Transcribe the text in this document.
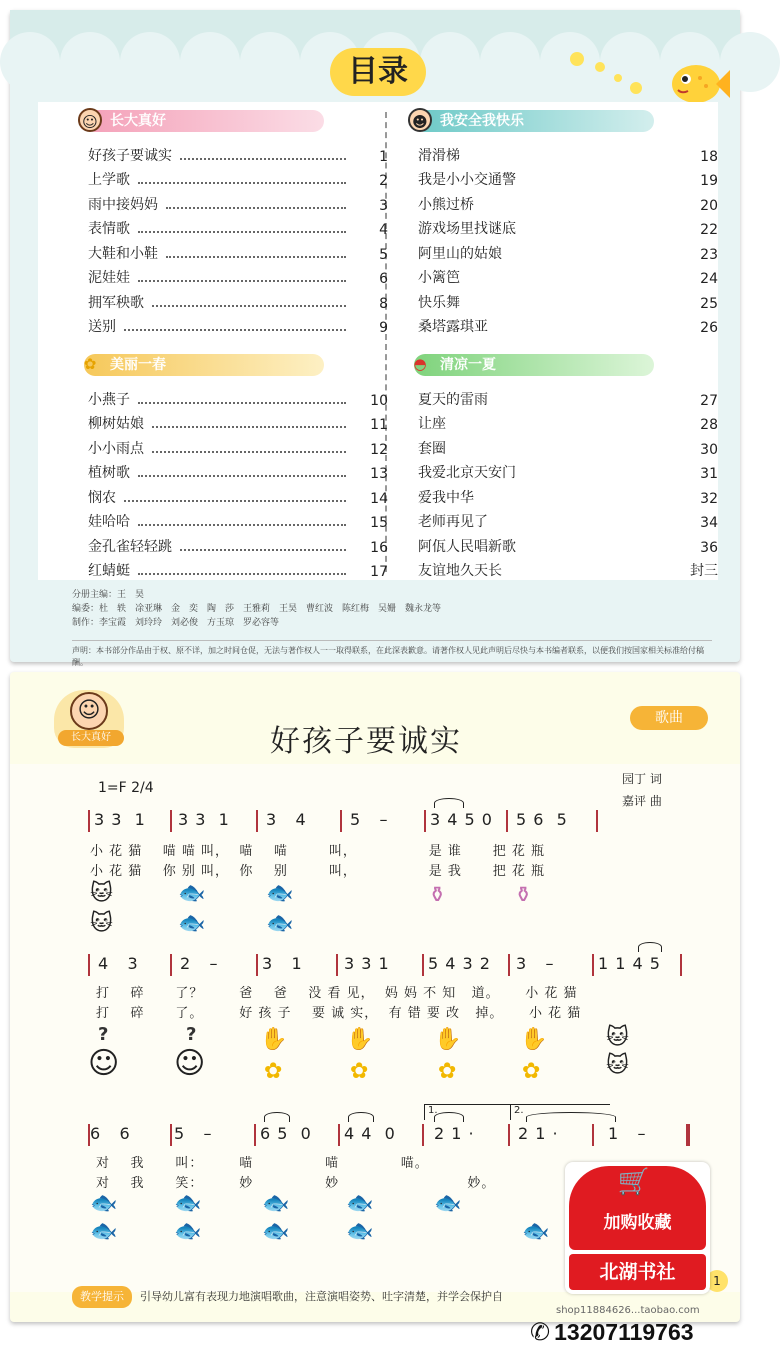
目录
长大真好
☺
好孩子要诚实	1
上学歌	2
雨中接妈妈	3
表情歌	4
大鞋和小鞋	5
泥娃娃	6
拥军秧歌	8
送别	9
美丽一春
✿
小燕子	10
柳树姑娘	11
小小雨点	12
植树歌	13
悯农	14
娃哈哈	15
金孔雀轻轻跳	16
红蜻蜓	17
我安全我快乐
☻
滑滑梯	18
我是小小交通警	19
小熊过桥	20
游戏场里找谜底	22
阿里山的姑娘	23
小篱笆	24
快乐舞	25
桑塔露琪亚	26
清凉一夏
◓
夏天的雷雨	27
让座	28
套圈	30
我爱北京天安门	31
爱我中华	32
老师再见了	34
阿佤人民唱新歌	36
友谊地久天长	封三
分册主编：王　昊
编委：杜　轶　凃亚琳　金　奕　陶　莎　王雅莉　王昊　曹红波　陈红梅　吴姗　魏永龙等
制作：李宝霞　刘玲玲　刘必俊　方玉琼　罗必容等
声明：本书部分作品由于权、原不详，加之时间仓促，无法与著作权人一一取得联系，在此深表歉意。请著作权人见此声明后尽快与本书编者联系，以便我们按国家相关标准给付稿酬。
☺
长大真好	好孩子要诚实
歌曲
1=F 2/4
园丁 词
嘉评 曲
3 3  1 3 3  1 3   4	5   –	3 4 5 0 5 6  5
小 花 猫    喵 喵 叫，  喵    喵        叫，              是 谁      把 花 瓶
小 花 猫    你 别 叫，  你    别        叫，              是 我      把 花 瓶
🐱
🐱
🐟
🐟
🐟
🐟
⚱	⚱
4   3	2   –	3   1	3 3 1 5 4 3 2 3   –	1 1 4 5
打    碎      了？       爸    爸    没 看 见，  妈 妈 不 知   道。     小 花 猫
打    碎      了。       好 孩 子    要 诚 实，  有 错 要 改   掉。     小 花 猫
?	?
☺ ☺
✋	✋	✋	✋
✿	✿	✿	✿
🐱
🐱
1.	2.
6   6	5   –	6 5  0 4 4  0 2 1 ·	2 1 ·	1   –
对    我      叫：       喵              喵            喵。
对    我      笑：       妙              妙                         妙。
🐟
🐟
🐟
🐟
🐟
🐟
🐟
🐟
🐟
🐟
教学提示 引导幼儿富有表现力地演唱歌曲，注意演唱姿势、吐字清楚，并学会保护自
1
🛒
加购收藏
北湖书社
shop11884626...taobao.com
✆ 13207119763
